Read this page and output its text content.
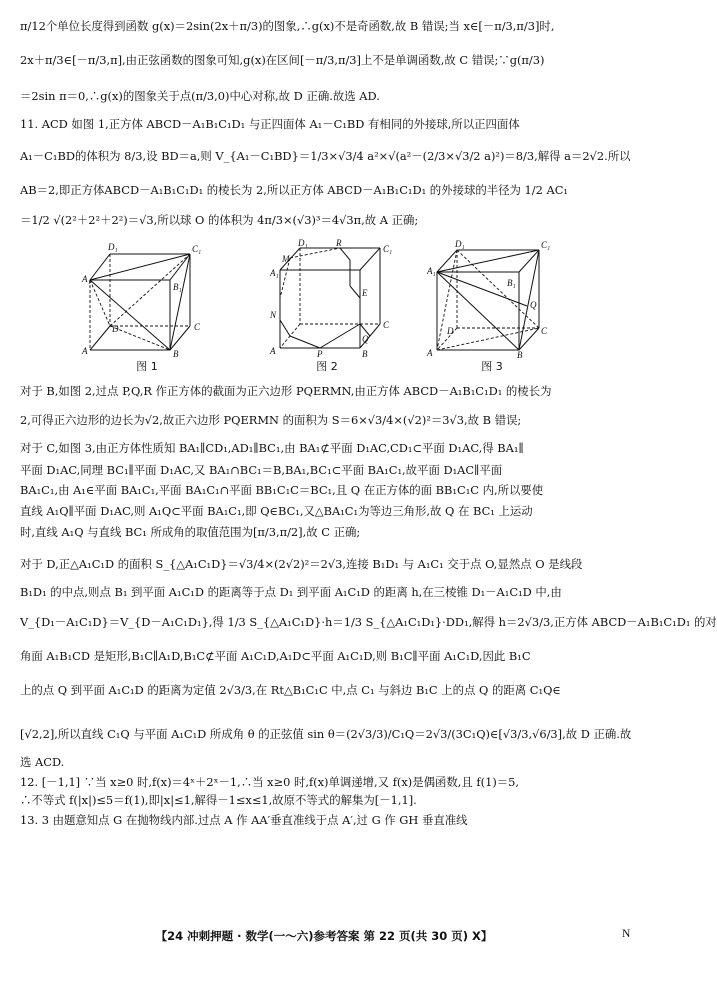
π/12个单位长度得到函数 g(x)＝2sin(2x＋π/3)的图象,∴g(x)不是奇函数,故 B 错误;当 x∈[－π/3,π/3]时,
2x＋π/3∈[－π/3,π],由正弦函数的图象可知,g(x)在区间[－π/3,π/3]上不是单调函数,故 C 错误;∵g(π/3)
＝2sin π＝0,∴g(x)的图象关于点(π/3,0)中心对称,故 D 正确.故选 AD.
11. ACD 如图 1,正方体 ABCD－A₁B₁C₁D₁ 与正四面体 A₁－C₁BD 有相同的外接球,所以正四面体
A₁－C₁BD的体积为 8/3,设 BD＝a,则 V_{A₁－C₁BD}＝1/3×√3/4 a²×√(a²－(2/3×√3/2 a)²)＝8/3,解得 a＝2√2.所以
AB＝2,即正方体ABCD－A₁B₁C₁D₁ 的棱长为 2,所以正方体 ABCD－A₁B₁C₁D₁ 的外接球的半径为 1/2 AC₁
＝1/2 √(2²＋2²＋2²)＝√3,所以球 O 的体积为 4π/3×(√3)³＝4√3π,故 A 正确;
D₁	C₁
A₁
B₁
D	C
A	B
图 1
D₁	R
C₁
A₁
M
N
E
Q
A	P	B
C
图 2
D₁	C₁
A₁
B₁
D
Q
A	B
C
图 3
对于 B,如图 2,过点 P,Q,R 作正方体的截面为正六边形 PQERMN,由正方体 ABCD－A₁B₁C₁D₁ 的棱长为
2,可得正六边形的边长为√2,故正六边形 PQERMN 的面积为 S＝6×√3/4×(√2)²＝3√3,故 B 错误;
对于 C,如图 3,由正方体性质知 BA₁∥CD₁,AD₁∥BC₁,由 BA₁⊄平面 D₁AC,CD₁⊂平面 D₁AC,得 BA₁∥
平面 D₁AC,同理 BC₁∥平面 D₁AC,又 BA₁∩BC₁＝B,BA₁,BC₁⊂平面 BA₁C₁,故平面 D₁AC∥平面
BA₁C₁,由 A₁∈平面 BA₁C₁,平面 BA₁C₁∩平面 BB₁C₁C＝BC₁,且 Q 在正方体的面 BB₁C₁C 内,所以要使
直线 A₁Q∥平面 D₁AC,则 A₁Q⊂平面 BA₁C₁,即 Q∈BC₁,又△BA₁C₁为等边三角形,故 Q 在 BC₁ 上运动
时,直线 A₁Q 与直线 BC₁ 所成角的取值范围为[π/3,π/2],故 C 正确;
对于 D,正△A₁C₁D 的面积 S_{△A₁C₁D}＝√3/4×(2√2)²＝2√3,连接 B₁D₁ 与 A₁C₁ 交于点 O,显然点 O 是线段
B₁D₁ 的中点,则点 B₁ 到平面 A₁C₁D 的距离等于点 D₁ 到平面 A₁C₁D 的距离 h,在三棱锥 D₁－A₁C₁D 中,由
V_{D₁－A₁C₁D}＝V_{D－A₁C₁D₁},得 1/3 S_{△A₁C₁D}·h＝1/3 S_{△A₁C₁D₁}·DD₁,解得 h＝2√3/3,正方体 ABCD－A₁B₁C₁D₁ 的对
角面 A₁B₁CD 是矩形,B₁C∥A₁D,B₁C⊄平面 A₁C₁D,A₁D⊂平面 A₁C₁D,则 B₁C∥平面 A₁C₁D,因此 B₁C
上的点 Q 到平面 A₁C₁D 的距离为定值 2√3/3,在 Rt△B₁C₁C 中,点 C₁ 与斜边 B₁C 上的点 Q 的距离 C₁Q∈
[√2,2],所以直线 C₁Q 与平面 A₁C₁D 所成角 θ 的正弦值 sin θ＝(2√3/3)/C₁Q＝2√3/(3C₁Q)∈[√3/3,√6/3],故 D 正确.故
选 ACD.
12. [－1,1] ∵当 x≥0 时,f(x)＝4ˣ＋2ˣ－1,∴当 x≥0 时,f(x)单调递增,又 f(x)是偶函数,且 f(1)＝5,
∴不等式 f(|x|)≤5＝f(1),即|x|≤1,解得－1≤x≤1,故原不等式的解集为[－1,1].
13. 3 由题意知点 G 在抛物线内部.过点 A 作 AA′垂直准线于点 A′,过 G 作 GH 垂直准线
【24 冲刺押题 · 数学(一～六)参考答案 第 22 页(共 30 页) X】	N
